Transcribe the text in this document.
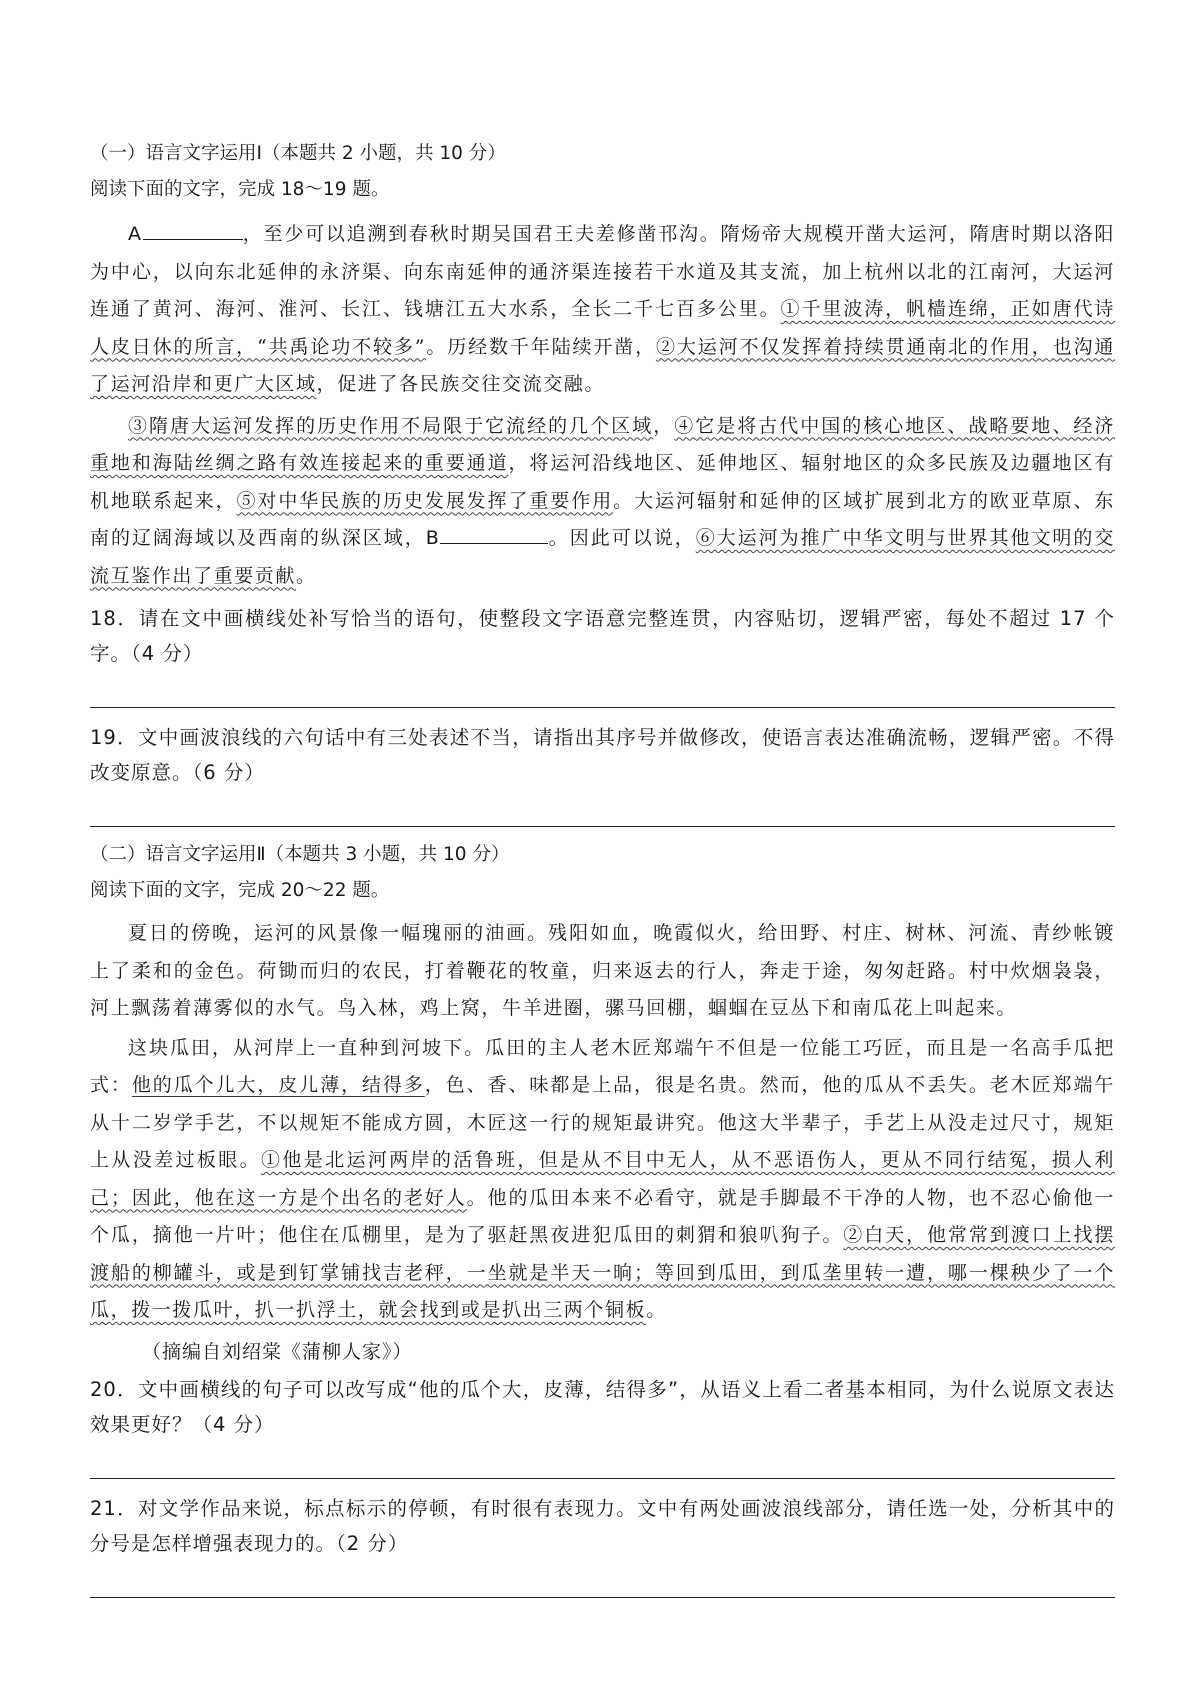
（一）语言文字运用Ⅰ（本题共 2 小题，共 10 分）

阅读下面的文字，完成 18～19 题。

A	，至少可以追溯到春秋时期吴国君王夫差修凿邗沟。隋炀帝大规模开凿大运河，隋唐时期以洛阳为中心，以向东北延伸的永济渠、向东南延伸的通济渠连接若干水道及其支流，加上杭州以北的江南河，大运河连通了黄河、海河、淮河、长江、钱塘江五大水系，全长二千七百多公里。①千里波涛，帆樯连绵，正如唐代诗人皮日休的所言，“共禹论功不较多”。历经数千年陆续开凿，②大运河不仅发挥着持续贯通南北的作用，也沟通了运河沿岸和更广大区域，促进了各民族交往交流交融。

③隋唐大运河发挥的历史作用不局限于它流经的几个区域，④它是将古代中国的核心地区、战略要地、经济重地和海陆丝绸之路有效连接起来的重要通道，将运河沿线地区、延伸地区、辐射地区的众多民族及边疆地区有机地联系起来，⑤对中华民族的历史发展发挥了重要作用。大运河辐射和延伸的区域扩展到北方的欧亚草原、东南的辽阔海域以及西南的纵深区域，B	。因此可以说，⑥大运河为推广中华文明与世界其他文明的交流互鉴作出了重要贡献。

18．请在文中画横线处补写恰当的语句，使整段文字语意完整连贯，内容贴切，逻辑严密，每处不超过 17 个字。（4 分）

19．文中画波浪线的六句话中有三处表述不当，请指出其序号并做修改，使语言表达准确流畅，逻辑严密。不得改变原意。（6 分）

（二）语言文字运用Ⅱ（本题共 3 小题，共 10 分）

阅读下面的文字，完成 20～22 题。

夏日的傍晚，运河的风景像一幅瑰丽的油画。残阳如血，晚霞似火，给田野、村庄、树林、河流、青纱帐镀上了柔和的金色。荷锄而归的农民，打着鞭花的牧童，归来返去的行人，奔走于途，匆匆赶路。村中炊烟袅袅，河上飘荡着薄雾似的水气。鸟入林，鸡上窝，牛羊进圈，骡马回棚，蝈蝈在豆丛下和南瓜花上叫起来。

这块瓜田，从河岸上一直种到河坡下。瓜田的主人老木匠郑端午不但是一位能工巧匠，而且是一名高手瓜把式：他的瓜个儿大，皮儿薄，结得多，色、香、味都是上品，很是名贵。然而，他的瓜从不丢失。老木匠郑端午从十二岁学手艺，不以规矩不能成方圆，木匠这一行的规矩最讲究。他这大半辈子，手艺上从没走过尺寸，规矩上从没差过板眼。①他是北运河两岸的活鲁班，但是从不目中无人，从不恶语伤人，更从不同行结冤，损人利己；因此，他在这一方是个出名的老好人。他的瓜田本来不必看守，就是手脚最不干净的人物，也不忍心偷他一个瓜，摘他一片叶；他住在瓜棚里，是为了驱赶黑夜进犯瓜田的刺猬和狼叭狗子。②白天，他常常到渡口上找摆渡船的柳罐斗，或是到钉掌铺找吉老秤，一坐就是半天一晌；等回到瓜田，到瓜垄里转一遭，哪一棵秧少了一个瓜，拨一拨瓜叶，扒一扒浮土，就会找到或是扒出三两个铜板。

（摘编自刘绍棠《蒲柳人家》）

20．文中画横线的句子可以改写成“他的瓜个大，皮薄，结得多”，从语义上看二者基本相同，为什么说原文表达效果更好？（4 分）

21．对文学作品来说，标点标示的停顿，有时很有表现力。文中有两处画波浪线部分，请任选一处，分析其中的分号是怎样增强表现力的。（2 分）
